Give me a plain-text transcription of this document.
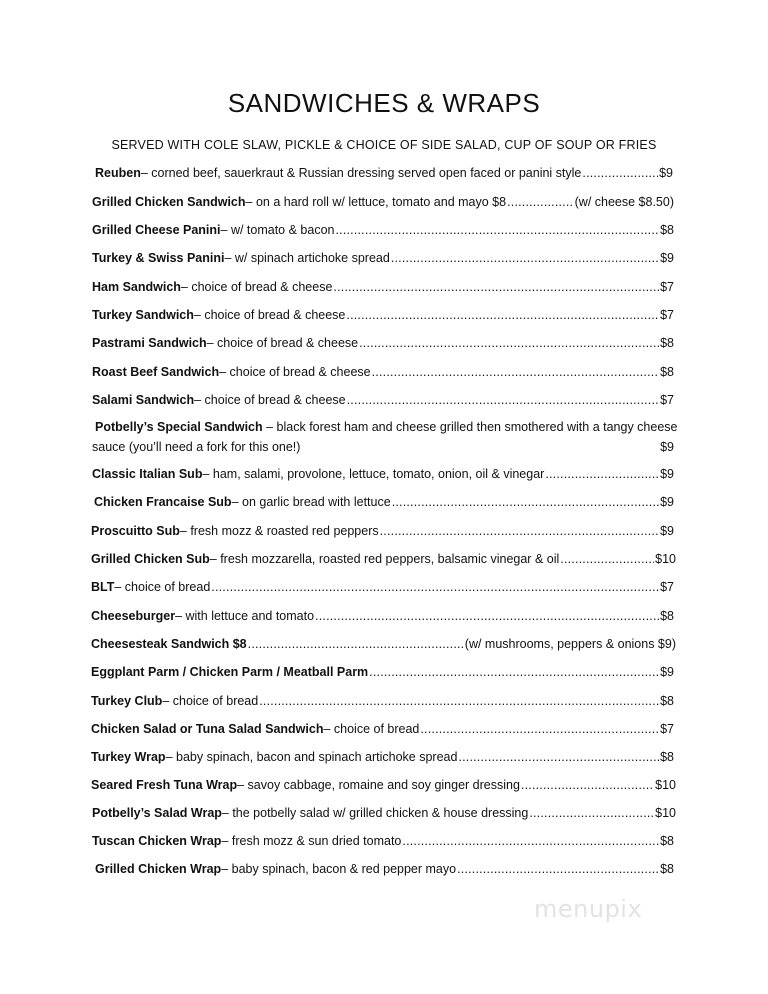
SANDWICHES & WRAPS
SERVED WITH COLE SLAW, PICKLE & CHOICE OF SIDE SALAD, CUP OF SOUP OR FRIES
Reuben – corned beef, sauerkraut & Russian dressing served open faced or panini style .....	$9
Grilled Chicken Sandwich – on a hard roll w/ lettuce, tomato and mayo $8 .....	(w/ cheese $8.50)
Grilled Cheese Panini – w/ tomato & bacon .....	$8
Turkey & Swiss Panini – w/ spinach artichoke spread .....	$9
Ham Sandwich – choice of bread & cheese .....	$7
Turkey Sandwich – choice of bread & cheese .....	$7
Pastrami Sandwich – choice of bread & cheese .....	$8
Roast Beef Sandwich – choice of bread & cheese .....	$8
Salami Sandwich – choice of bread & cheese .....	$7
Potbelly’s Special Sandwich – black forest ham and cheese grilled then smothered with a tangy cheese
sauce (you’ll need a fork for this one!)	$9
Classic Italian Sub – ham, salami, provolone, lettuce, tomato, onion, oil & vinegar .....	$9
Chicken Francaise Sub – on garlic bread with lettuce .....	$9
Proscuitto Sub – fresh mozz & roasted red peppers .....	$9
Grilled Chicken Sub – fresh mozzarella, roasted red peppers, balsamic vinegar & oil .....	$10
BLT – choice of bread .....	$7
Cheeseburger – with lettuce and tomato .....	$8
Cheesesteak Sandwich $8 .....	(w/ mushrooms, peppers & onions $9)
Eggplant Parm / Chicken Parm / Meatball Parm .....	$9
Turkey Club – choice of bread .....	$8
Chicken Salad or Tuna Salad Sandwich – choice of bread .....	$7
Turkey Wrap – baby spinach, bacon and spinach artichoke spread .....	$8
Seared Fresh Tuna Wrap – savoy cabbage, romaine and soy ginger dressing .....	$10
Potbelly’s Salad Wrap – the potbelly salad w/ grilled chicken & house dressing .....	$10
Tuscan Chicken Wrap – fresh mozz & sun dried tomato .....	$8
Grilled Chicken Wrap – baby spinach, bacon & red pepper mayo .....	$8
menupix
